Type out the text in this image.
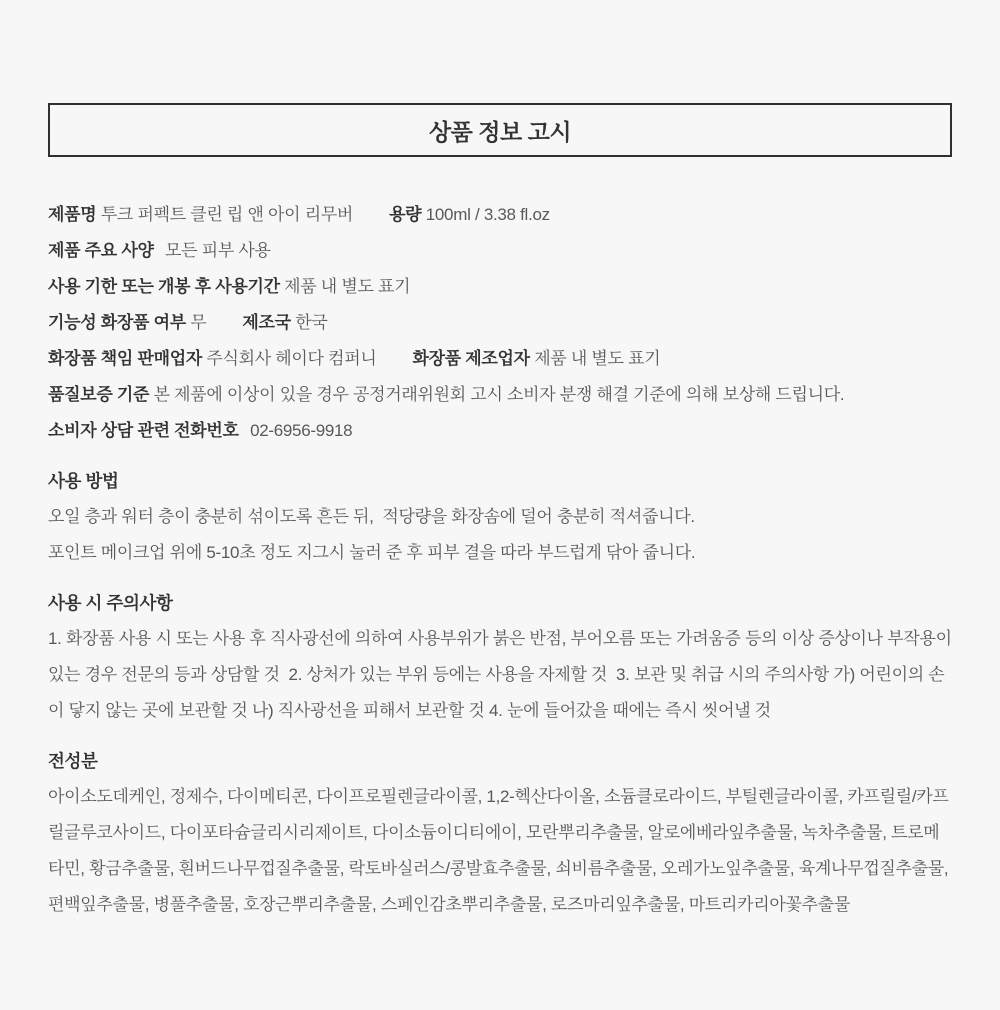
상품 정보 고시

제품명 투크 퍼펙트 클린 립 앤 아이 리무버 용량 100ml / 3.38 fl.oz

제품 주요 사양 모든 피부 사용

사용 기한 또는 개봉 후 사용기간 제품 내 별도 표기

기능성 화장품 여부 무 제조국 한국

화장품 책임 판매업자 주식회사 헤이다 컴퍼니 화장품 제조업자 제품 내 별도 표기

품질보증 기준 본 제품에 이상이 있을 경우 공정거래위원회 고시 소비자 분쟁 해결 기준에 의해 보상해 드립니다.

소비자 상담 관련 전화번호 02-6956-9918

사용 방법

오일 층과 워터 층이 충분히 섞이도록 흔든 뒤,  적당량을 화장솜에 덜어 충분히 적셔줍니다.

포인트 메이크업 위에 5-10초 정도 지그시 눌러 준 후 피부 결을 따라 부드럽게 닦아 줍니다.

사용 시 주의사항

1. 화장품 사용 시 또는 사용 후 직사광선에 의하여 사용부위가 붉은 반점, 부어오름 또는 가려움증 등의 이상 증상이나 부작용이 있는 경우 전문의 등과 상담할 것  2. 상처가 있는 부위 등에는 사용을 자제할 것  3. 보관 및 취급 시의 주의사항 가) 어린이의 손이 닿지 않는 곳에 보관할 것 나) 직사광선을 피해서 보관할 것 4. 눈에 들어갔을 때에는 즉시 씻어낼 것

전성분

아이소도데케인, 정제수, 다이메티콘, 다이프로필렌글라이콜, 1,2-헥산다이올, 소듐클로라이드, 부틸렌글라이콜, 카프릴릴/카프릴글루코사이드, 다이포타슘글리시리제이트, 다이소듐이디티에이, 모란뿌리추출물, 알로에베라잎추출물, 녹차추출물, 트로메타민, 황금추출물, 흰버드나무껍질추출물, 락토바실러스/콩발효추출물, 쇠비름추출물, 오레가노잎추출물, 육계나무껍질추출물, 편백잎추출물, 병풀추출물, 호장근뿌리추출물, 스페인감초뿌리추출물, 로즈마리잎추출물, 마트리카리아꽃추출물
